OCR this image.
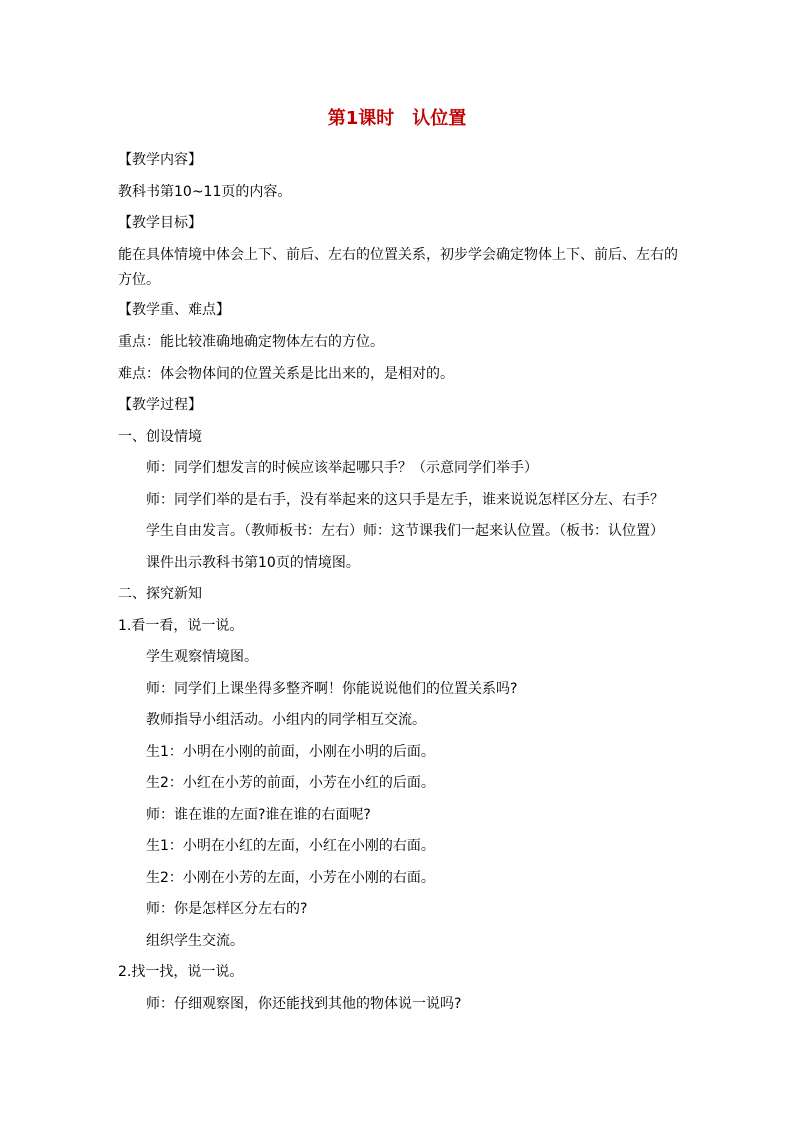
第1课时　认位置
【教学内容】
教科书第10~11页的内容。
【教学目标】
能在具体情境中体会上下、前后、左右的位置关系，初步学会确定物体上下、前后、左右的
方位。
【教学重、难点】
重点：能比较准确地确定物体左右的方位。
难点：体会物体间的位置关系是比出来的，是相对的。
【教学过程】
一、创设情境
师：同学们想发言的时候应该举起哪只手？（示意同学们举手）
师：同学们举的是右手，没有举起来的这只手是左手，谁来说说怎样区分左、右手？
学生自由发言。（教师板书：左右）师：这节课我们一起来认位置。（板书：认位置）
课件出示教科书第10页的情境图。
二、探究新知
1.看一看，说一说。
学生观察情境图。
师：同学们上课坐得多整齐啊！你能说说他们的位置关系吗?
教师指导小组活动。小组内的同学相互交流。
生1：小明在小刚的前面，小刚在小明的后面。
生2：小红在小芳的前面，小芳在小红的后面。
师：谁在谁的左面?谁在谁的右面呢?
生1：小明在小红的左面，小红在小刚的右面。
生2：小刚在小芳的左面，小芳在小刚的右面。
师：你是怎样区分左右的?
组织学生交流。
2.找一找，说一说。
师：仔细观察图，你还能找到其他的物体说一说吗?
